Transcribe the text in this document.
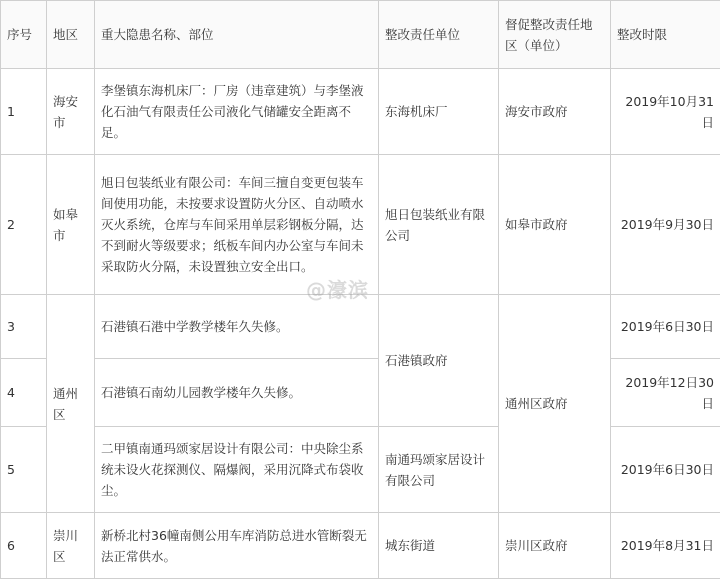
序号	地区	重大隐患名称、部位	整改责任单位	督促整改责任地区（单位）	整改时限
1	海安市	李堡镇东海机床厂：厂房（违章建筑）与李堡液化石油气有限责任公司液化气储罐安全距离不足。	东海机床厂	海安市政府	2019年10月31日
2	如皋市	旭日包装纸业有限公司：车间三擅自变更包装车间使用功能，未按要求设置防火分区、自动喷水灭火系统，仓库与车间采用单层彩钢板分隔，达不到耐火等级要求；纸板车间内办公室与车间未采取防火分隔，未设置独立安全出口。	旭日包装纸业有限公司	如皋市政府	2019年9月30日
3	通州区	石港镇石港中学教学楼年久失修。	石港镇政府	通州区政府	2019年6日30日
4		石港镇石南幼儿园教学楼年久失修。			2019年12日30日
5		二甲镇南通玛颂家居设计有限公司：中央除尘系统未设火花探测仪、隔爆阀，采用沉降式布袋收尘。	南通玛颂家居设计有限公司		2019年6日30日
6	崇川区	新桥北村36幢南侧公用车库消防总进水管断裂无法正常供水。	城东街道	崇川区政府	2019年8月31日
@濠滨
